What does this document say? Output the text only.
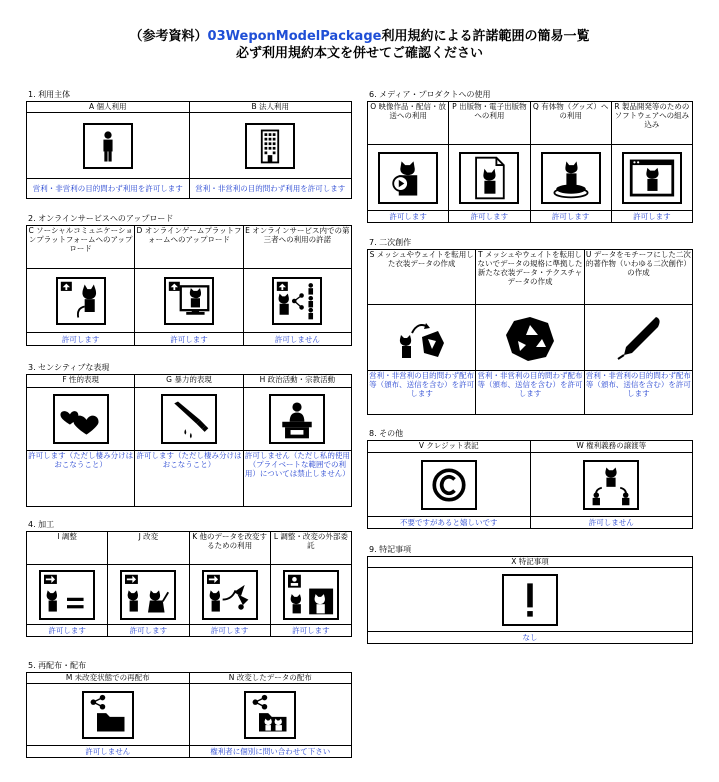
（参考資料）03WeponModelPackage利用規約による許諾範囲の簡易一覧
必ず利用規約本文を併せてご確認ください
1. 利用主体
A 個人利用	B 法人利用

営利・非営利の目的問わず利用を許可します	営利・非営利の目的問わず利用を許可します
2. オンラインサービスへのアップロード
C ソーシャルコミュニケーションプラットフォームへのアップロード	D オンラインゲームプラットフォームへのアップロード	E オンラインサービス内での第三者への利用の許諾

許可します	許可します	許可しません
3. センシティブな表現
F 性的表現	G 暴力的表現	H 政治活動・宗教活動

許可します（ただし棲み分けはおこなうこと）	許可します（ただし棲み分けはおこなうこと）	許可しません（ただし私的使用（プライベートな範囲での利用）については禁止しません）
4. 加工
I 調整	J 改変	K 他のデータを改変するための利用	L 調整・改変の外部委託

許可します	許可します	許可します	許可します
5. 再配布・配布
M 未改変状態での再配布	N 改変したデータの配布

許可しません	権利者に個別に問い合わせて下さい
6. メディア・プロダクトへの使用
O 映像作品・配信・放送への利用	P 出版物・電子出版物への利用	Q 有体物（グッズ）への利用	R 製品開発等のためのソフトウェアへの組み込み

許可します	許可します	許可します	許可します
7. 二次創作
S メッシュやウェイトを転用した衣装データの作成	T メッシュやウェイトを転用しないでデータの規格に準拠した新たな衣装データ・テクスチャデータの作成	U データをモチーフにした二次的著作物（いわゆる二次創作）の作成

営利・非営利の目的問わず配布等（頒布、送信を含む）を許可します	営利・非営利の目的問わず配布等（頒布、送信を含む）を許可します	営利・非営利の目的問わず配布等（頒布、送信を含む）を許可します
8. その他
V クレジット表記	W 権利義務の譲渡等

不要ですがあると嬉しいです	許可しません
9. 特記事項
X 特記事項

なし
